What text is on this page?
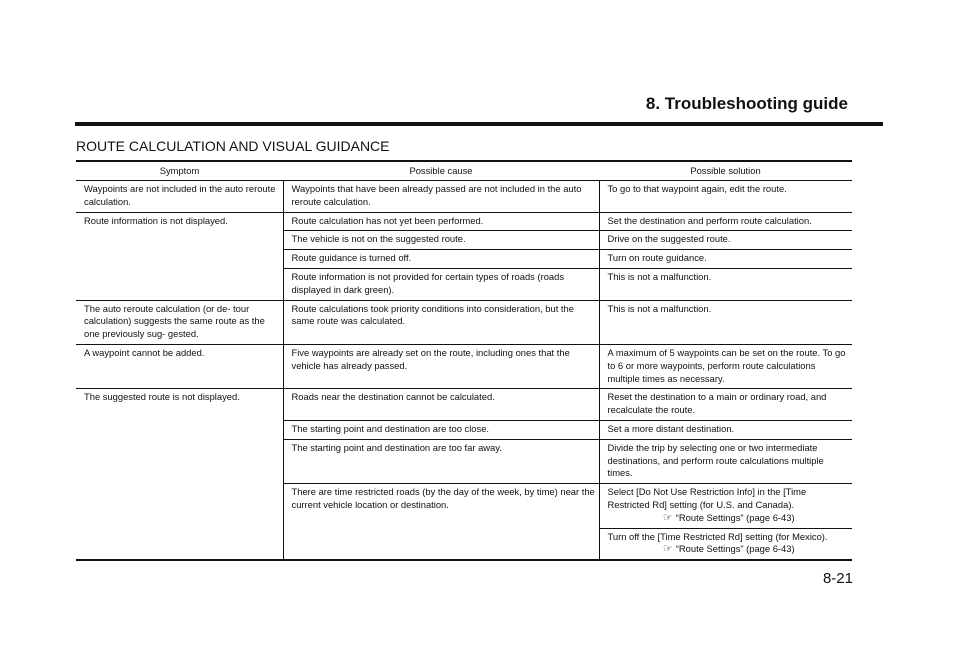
8. Troubleshooting guide
ROUTE CALCULATION AND VISUAL GUIDANCE
Symptom	Possible cause	Possible solution
Waypoints are not included in the auto reroute calculation.	Waypoints that have been already passed are not included in the auto reroute calculation.	To go to that waypoint again, edit the route.
Route information is not displayed.	Route calculation has not yet been performed.	Set the destination and perform route calculation.
	The vehicle is not on the suggested route.	Drive on the suggested route.
	Route guidance is turned off.	Turn on route guidance.
	Route information is not provided for certain types of roads (roads displayed in dark green).	This is not a malfunction.
The auto reroute calculation (or de- tour calculation) suggests the same route as the one previously sug- gested.	Route calculations took priority conditions into consideration, but the same route was calculated.	This is not a malfunction.
A waypoint cannot be added.	Five waypoints are already set on the route, including ones that the vehicle has already passed.	A maximum of 5 waypoints can be set on the route. To go to 6 or more waypoints, perform route calculations multiple times as necessary.
The suggested route is not displayed.	Roads near the destination cannot be calculated.	Reset the destination to a main or ordinary road, and recalculate the route.
	The starting point and destination are too close.	Set a more distant destination.
	The starting point and destination are too far away.	Divide the trip by selecting one or two intermediate destinations, and perform route calculations multiple times.
	There are time restricted roads (by the day of the week, by time) near the current vehicle location or destination.	Select [Do Not Use Restriction Info] in the [Time Restricted Rd] setting (for U.S. and Canada).
☞ “Route Settings” (page 6-43)

		Turn off the [Time Restricted Rd] setting (for Mexico).
☞ “Route Settings” (page 6-43)
8-21
